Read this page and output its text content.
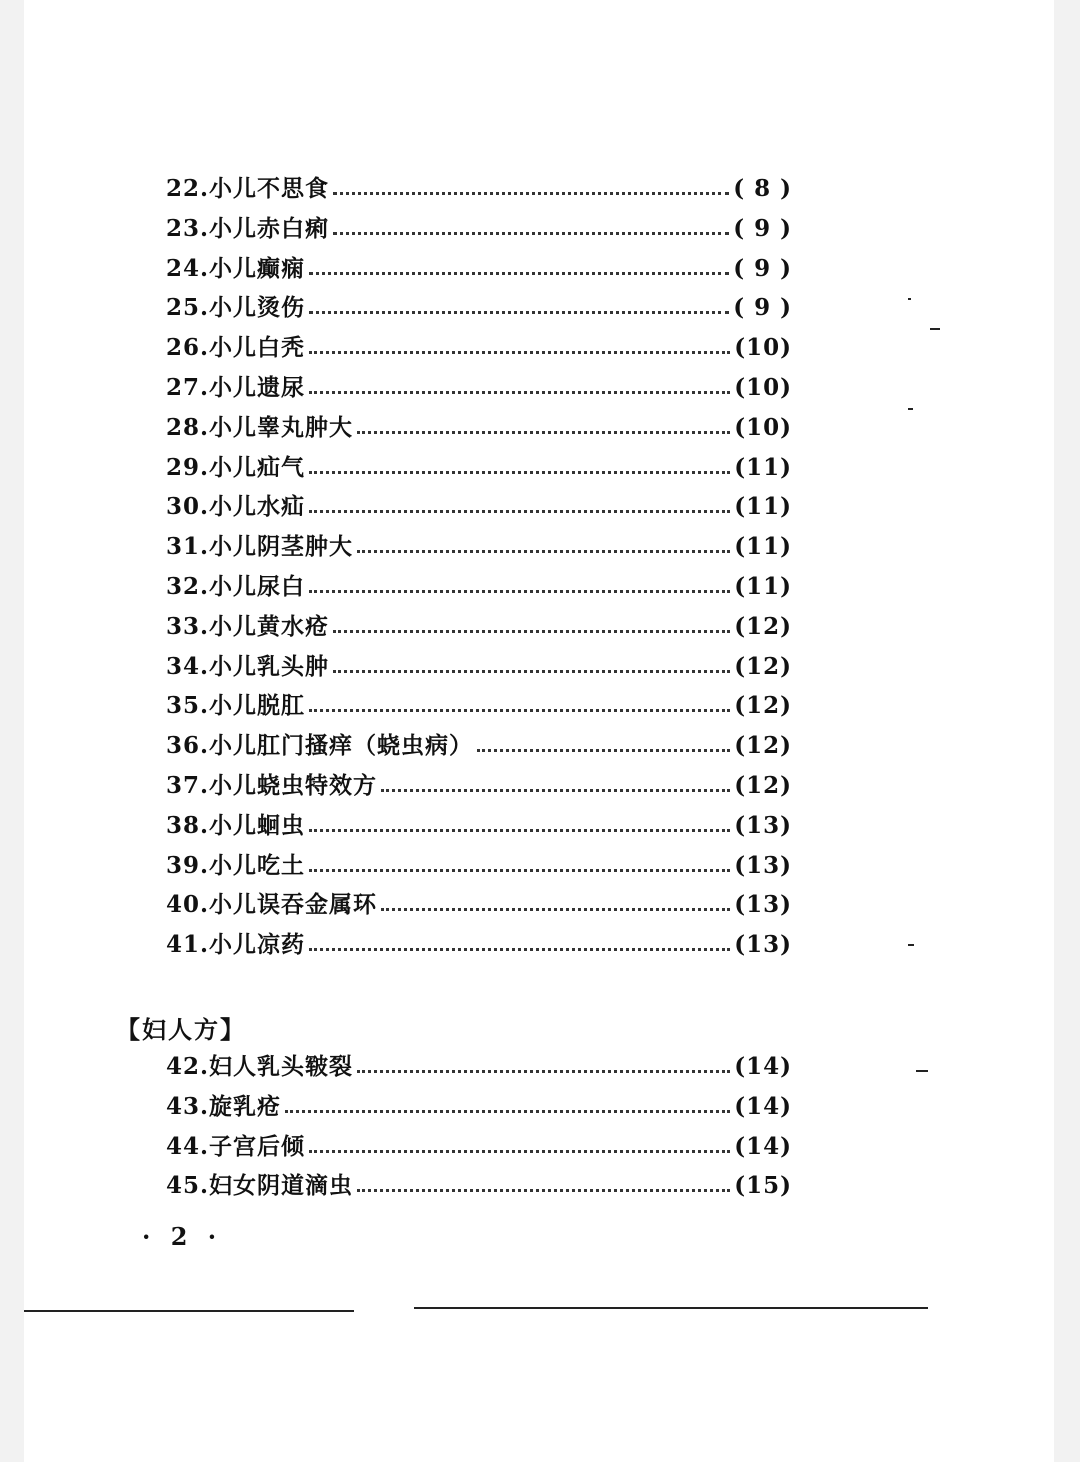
22.小儿不思食	( 8 )
23.小儿赤白痢	( 9 )
24.小儿癫痫	( 9 )
25.小儿烫伤	( 9 )
26.小儿白秃	(10)
27.小儿遗尿	(10)
28.小儿睾丸肿大	(10)
29.小儿疝气	(11)
30.小儿水疝	(11)
31.小儿阴茎肿大	(11)
32.小儿尿白	(11)
33.小儿黄水疮	(12)
34.小儿乳头肿	(12)
35.小儿脱肛	(12)
36.小儿肛门搔痒（蛲虫病）	(12)
37.小儿蛲虫特效方	(12)
38.小儿蛔虫	(13)
39.小儿吃土	(13)
40.小儿误吞金属环	(13)
41.小儿凉药	(13)
【妇人方】
42.妇人乳头皲裂	(14)
43.旋乳疮	(14)
44.子宫后倾	(14)
45.妇女阴道滴虫	(15)
· 2 ·
